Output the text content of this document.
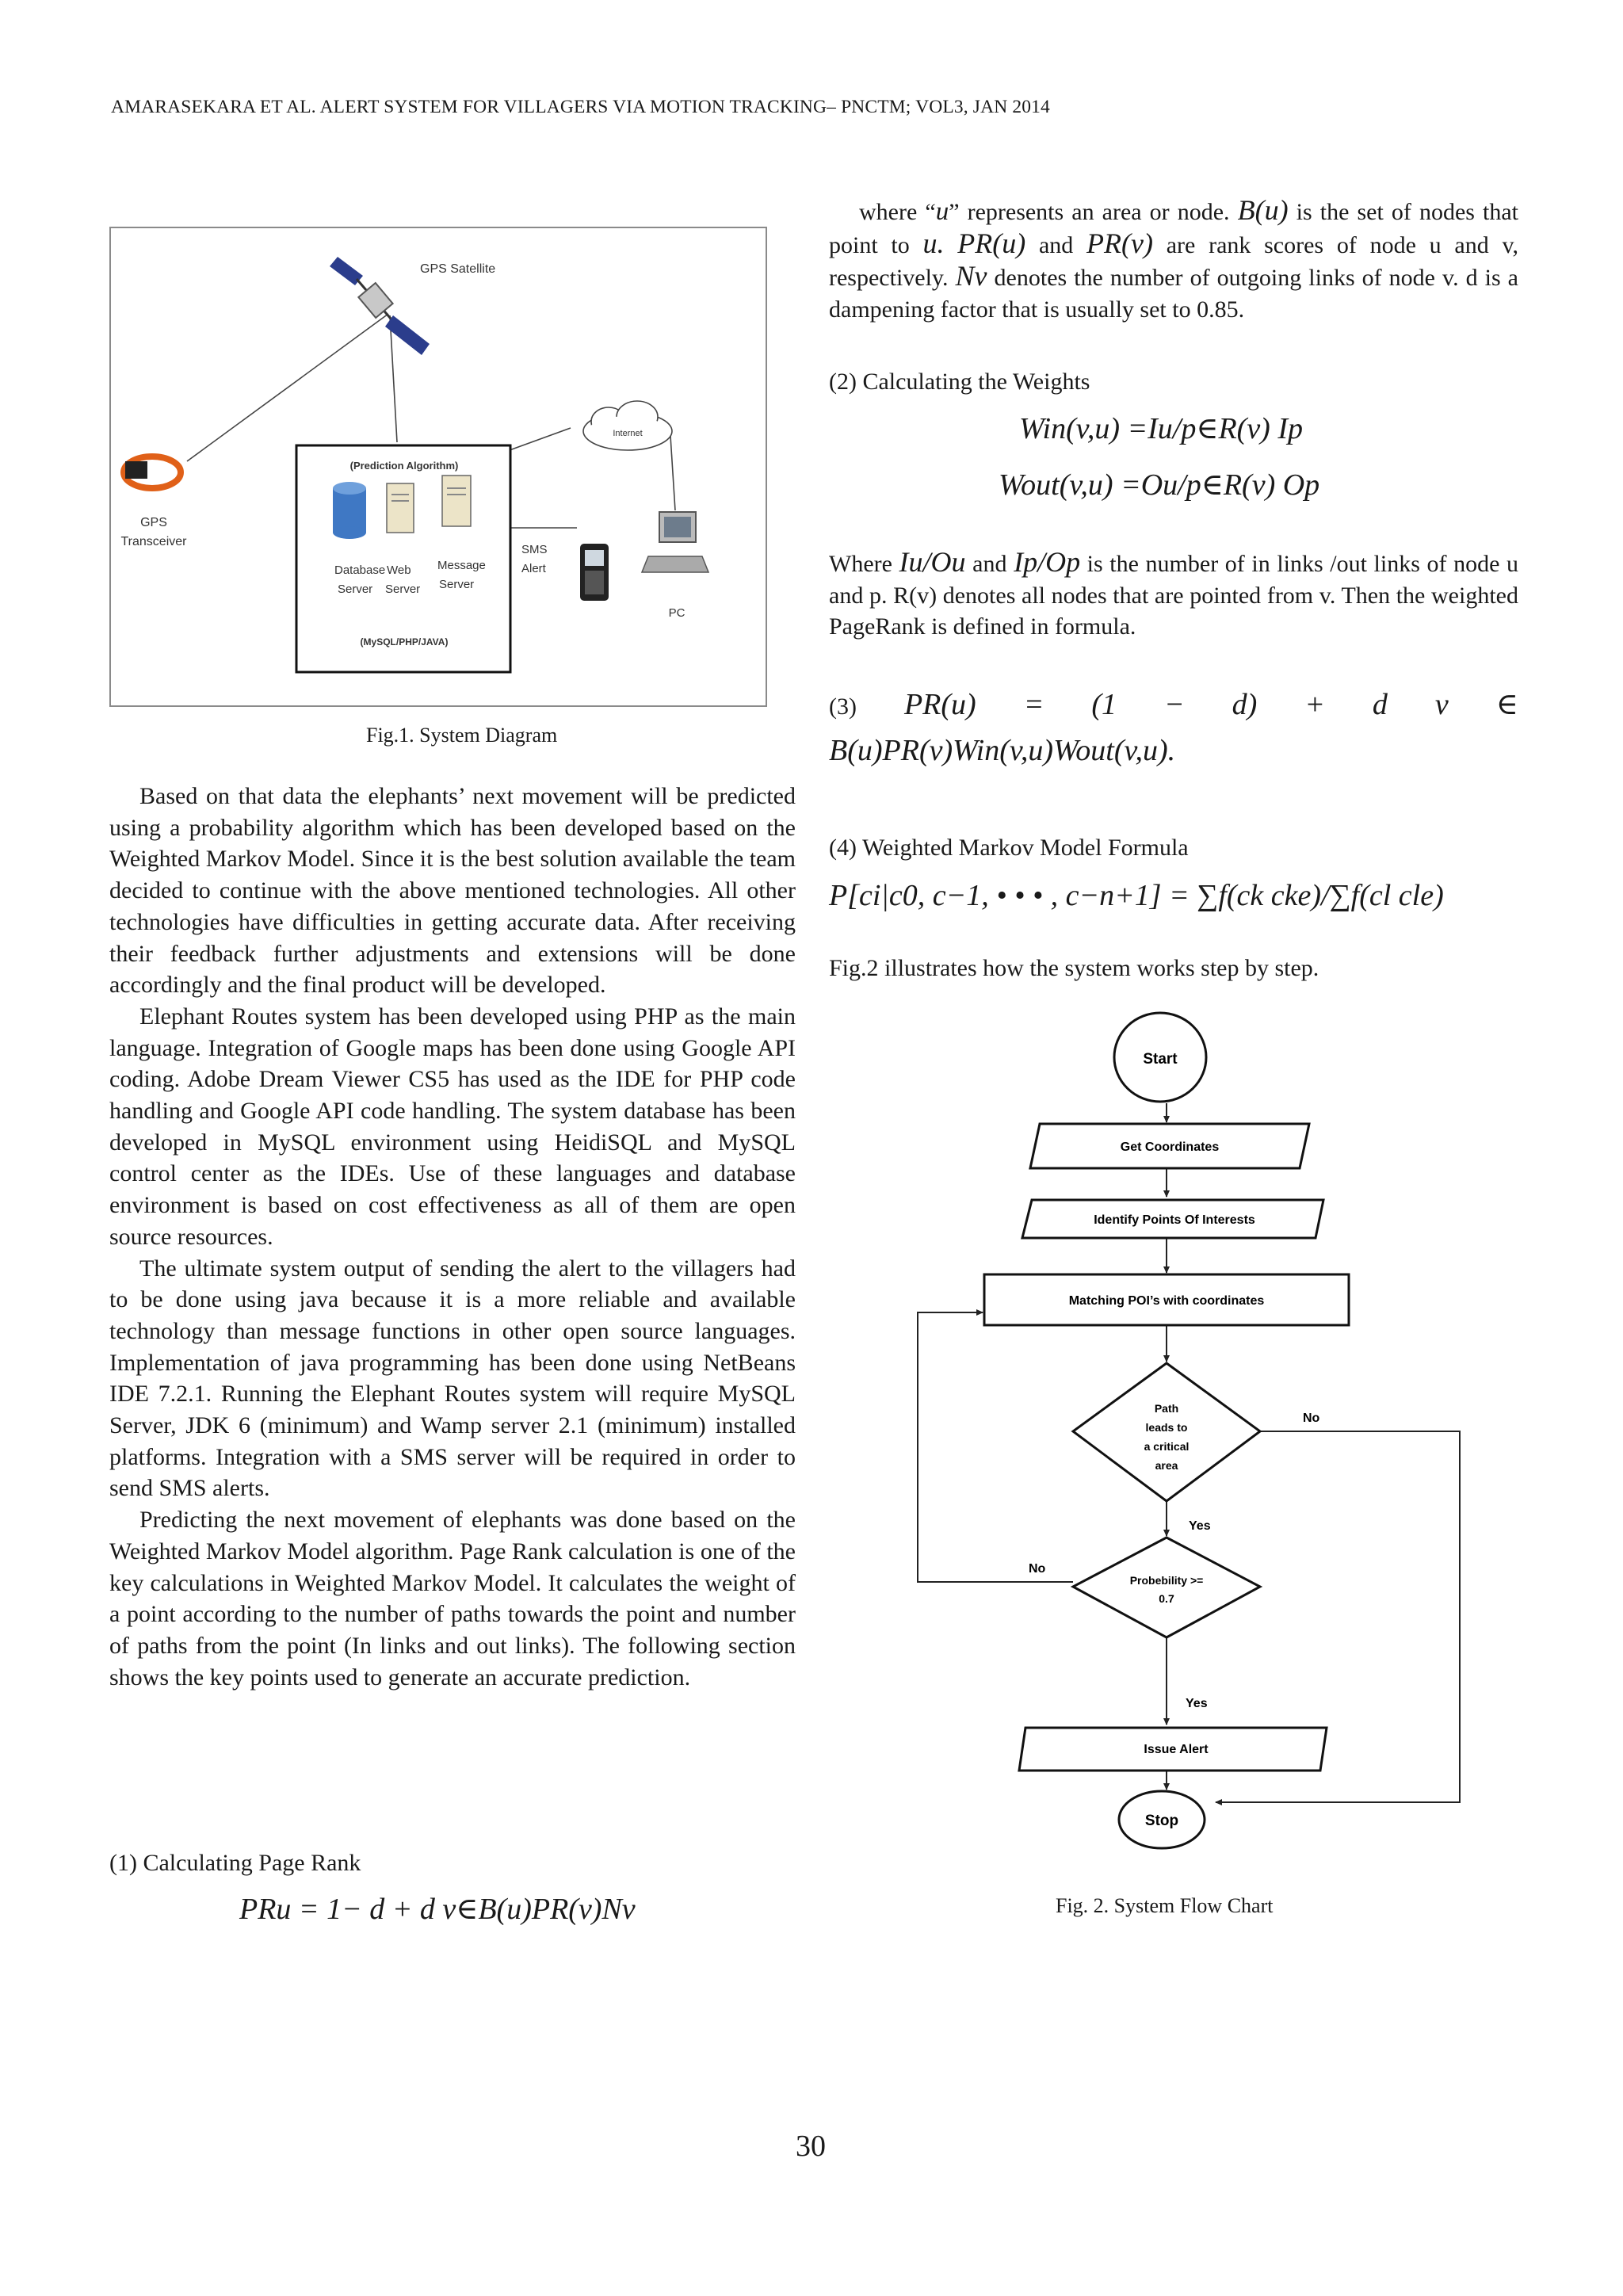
AMARASEKARA ET AL. ALERT SYSTEM FOR VILLAGERS VIA MOTION TRACKING– PNCTM; VOL3, JAN 2014
GPS Satellite
Internet
GPS
Transceiver
(Prediction Algorithm)
Database
Server
Web
Server
Message
Server
(MySQL/PHP/JAVA)
SMS
Alert
PC
Fig.1. System Diagram

Based on that data the elephants’ next movement will be predicted using a probability algorithm which has been developed based on the Weighted Markov Model. Since it is the best solution available the team decided to continue with the above mentioned technologies. All other technologies have difficulties in getting accurate data. After receiving their feedback further adjustments and extensions will be done accordingly and the final product will be developed.

Elephant Routes system has been developed using PHP as the main language. Integration of Google maps has been done using Google API coding. Adobe Dream Viewer CS5 has used as the IDE for PHP code handling and Google API code handling. The system database has been developed in MySQL environment using HeidiSQL and MySQL control center as the IDEs. Use of these languages and database environment is based on cost effectiveness as all of them are open source resources.

The ultimate system output of sending the alert to the villagers had to be done using java because it is a more reliable and available technology than message functions in other open source languages. Implementation of java programming has been done using NetBeans IDE 7.2.1. Running the Elephant Routes system will require MySQL Server, JDK 6 (minimum) and Wamp server 2.1 (minimum) installed platforms. Integration with a SMS server will be required in order to send SMS alerts.

Predicting the next movement of elephants was done based on the Weighted Markov Model algorithm. Page Rank calculation is one of the key calculations in Weighted Markov Model. It calculates the weight of a point according to the number of paths towards the point and number of paths from the point (In links and out links). The following section shows the key points used to generate an accurate prediction.

(1) Calculating Page Rank
PRu = 1− d + d v∈B(u)PR(v)Nv

where “u” represents an area or node. B(u) is the set of nodes that point to u. PR(u) and PR(v) are rank scores of node u and v, respectively. Nv denotes the number of outgoing links of node v. d is a dampening factor that is usually set to 0.85.

(2) Calculating the Weights
Win(v,u) =Iu/p∈R(v) Ip
Wout(v,u) =Ou/p∈R(v) Op
Where Iu/Ou and Ip/Op is the number of in links /out links of node u and p. R(v) denotes all nodes that are pointed from v. Then the weighted PageRank is defined in formula.
(3) PR(u) = (1 − d) + d v ∈
B(u)PR(v)Win(v,u)Wout(v,u).
(4) Weighted Markov Model Formula
P[ci|c0, c−1, • • • , c−n+1] = ∑f(ck cke)/∑f(cl cle)
Fig.2 illustrates how the system works step by step.
Start
Get Coordinates
Identify Points Of Interests
Matching POI’s with coordinates
Path
leads to
a critical
area
No
Yes
Probebility >=
0.7
No
Yes
Issue Alert
Stop
Fig. 2. System Flow Chart
30
